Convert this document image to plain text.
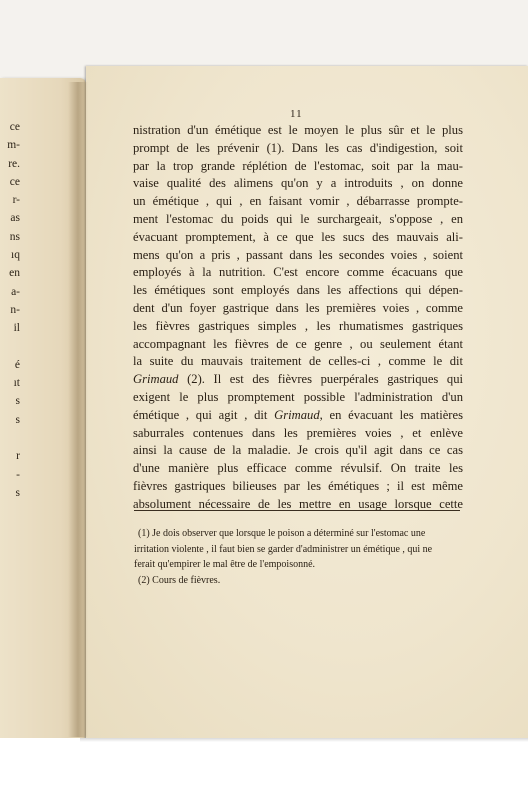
ce
m-
re.
ce
r-
as
ns
ıq
en
a-
n-
il
é
ıt
s
s
r
-
s
11
nistration d'un émétique est le moyen le plus sûr et le plus
prompt de les prévenir (1). Dans les cas d'indigestion, soit
par la trop grande réplétion de l'estomac, soit par la mau-
vaise qualité des alimens qu'on y a introduits , on donne
un émétique , qui , en faisant vomir , débarrasse prompte-
ment l'estomac du poids qui le surchargeait, s'oppose , en
évacuant promptement, à ce que les sucs des mauvais ali-
mens qu'on a pris , passant dans les secondes voies , soient
employés à la nutrition. C'est encore comme écacuans que
les émétiques sont employés dans les affections qui dépen-
dent d'un foyer gastrique dans les premières voies , comme
les fièvres gastriques simples , les rhumatismes gastriques
accompagnant les fièvres de ce genre , ou seulement étant
la suite du mauvais traitement de celles-ci , comme le dit
Grimaud (2). Il est des fièvres puerpérales gastriques qui
exigent le plus promptement possible l'administration d'un
émétique , qui agit , dit Grimaud, en évacuant les matières
saburrales contenues dans les premières voies , et enlève
ainsi la cause de la maladie. Je crois qu'il agit dans ce cas
d'une manière plus efficace comme révulsif. On traite les
fièvres gastriques bilieuses par les émétiques ; il est même
absolument nécessaire de les mettre en usage lorsque cette
(1) Je dois observer que lorsque le poison a déterminé sur l'estomac une
irritation violente , il faut bien se garder d'administrer un émétique , qui ne
ferait qu'empirer le mal être de l'empoisonné.
(2) Cours de fièvres.
